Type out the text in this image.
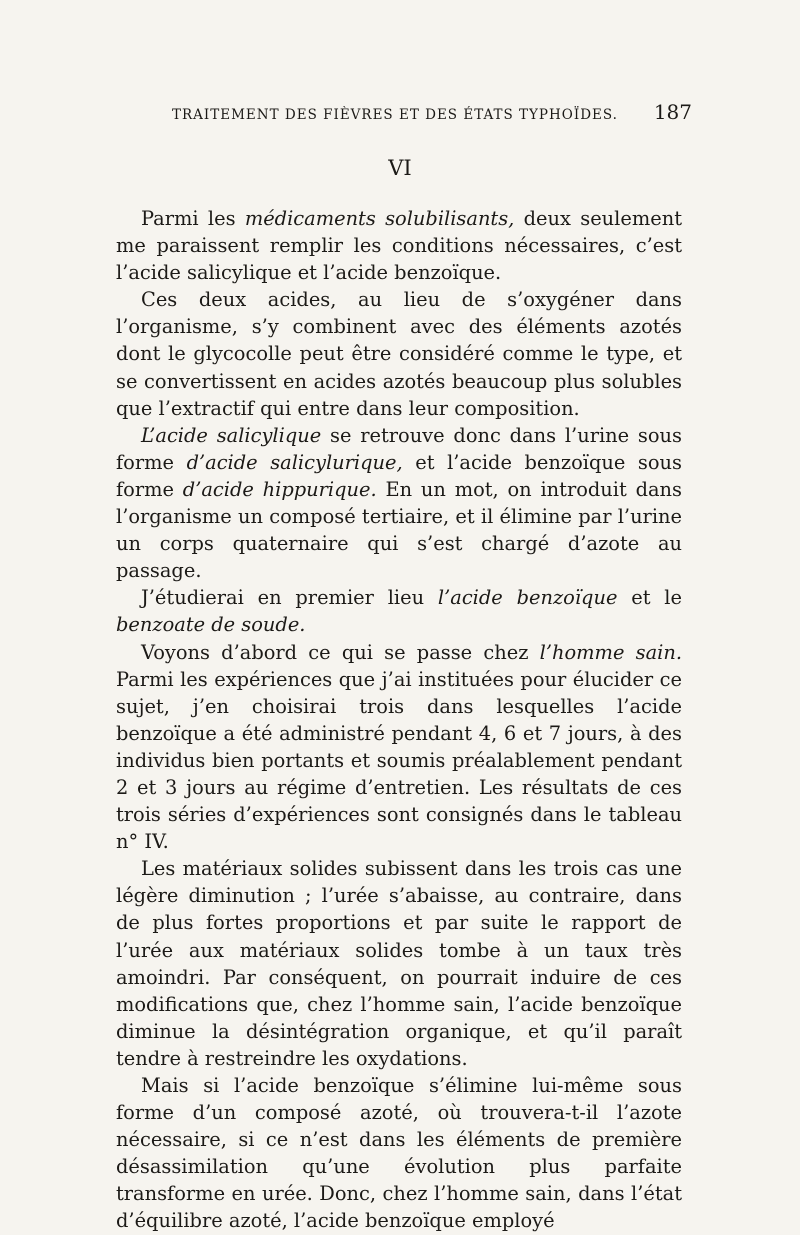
TRAITEMENT DES FIÈVRES ET DES ÉTATS TYPHOÏDES. 187
VI

Parmi les médicaments solubilisants, deux seulement me paraissent remplir les conditions nécessaires, c’est l’acide salicylique et l’acide benzoïque.

Ces deux acides, au lieu de s’oxygéner dans l’organisme, s’y combinent avec des éléments azotés dont le glycocolle peut être considéré comme le type, et se convertissent en acides azotés beaucoup plus solubles que l’extractif qui entre dans leur composition.

L’acide salicylique se retrouve donc dans l’urine sous forme d’acide salicylurique, et l’acide benzoïque sous forme d’acide hippurique. En un mot, on introduit dans l’organisme un composé tertiaire, et il élimine par l’urine un corps quaternaire qui s’est chargé d’azote au passage.

J’étudierai en premier lieu l’acide benzoïque et le benzoate de soude.

Voyons d’abord ce qui se passe chez l’homme sain. Parmi les expériences que j’ai instituées pour élucider ce sujet, j’en choisirai trois dans lesquelles l’acide benzoïque a été administré pendant 4, 6 et 7 jours, à des individus bien portants et soumis préalablement pendant 2 et 3 jours au régime d’entretien. Les résultats de ces trois séries d’expériences sont consignés dans le tableau n° IV.

Les matériaux solides subissent dans les trois cas une légère diminution ; l’urée s’abaisse, au contraire, dans de plus fortes proportions et par suite le rapport de l’urée aux matériaux solides tombe à un taux très amoindri. Par conséquent, on pourrait induire de ces modifications que, chez l’homme sain, l’acide benzoïque diminue la désintégration organique, et qu’il paraît tendre à restreindre les oxydations.

Mais si l’acide benzoïque s’élimine lui-même sous forme d’un composé azoté, où trouvera-t-il l’azote nécessaire, si ce n’est dans les éléments de première désassimilation qu’une évolution plus parfaite transforme en urée. Donc, chez l’homme sain, dans l’état d’équilibre azoté, l’acide benzoïque employé
